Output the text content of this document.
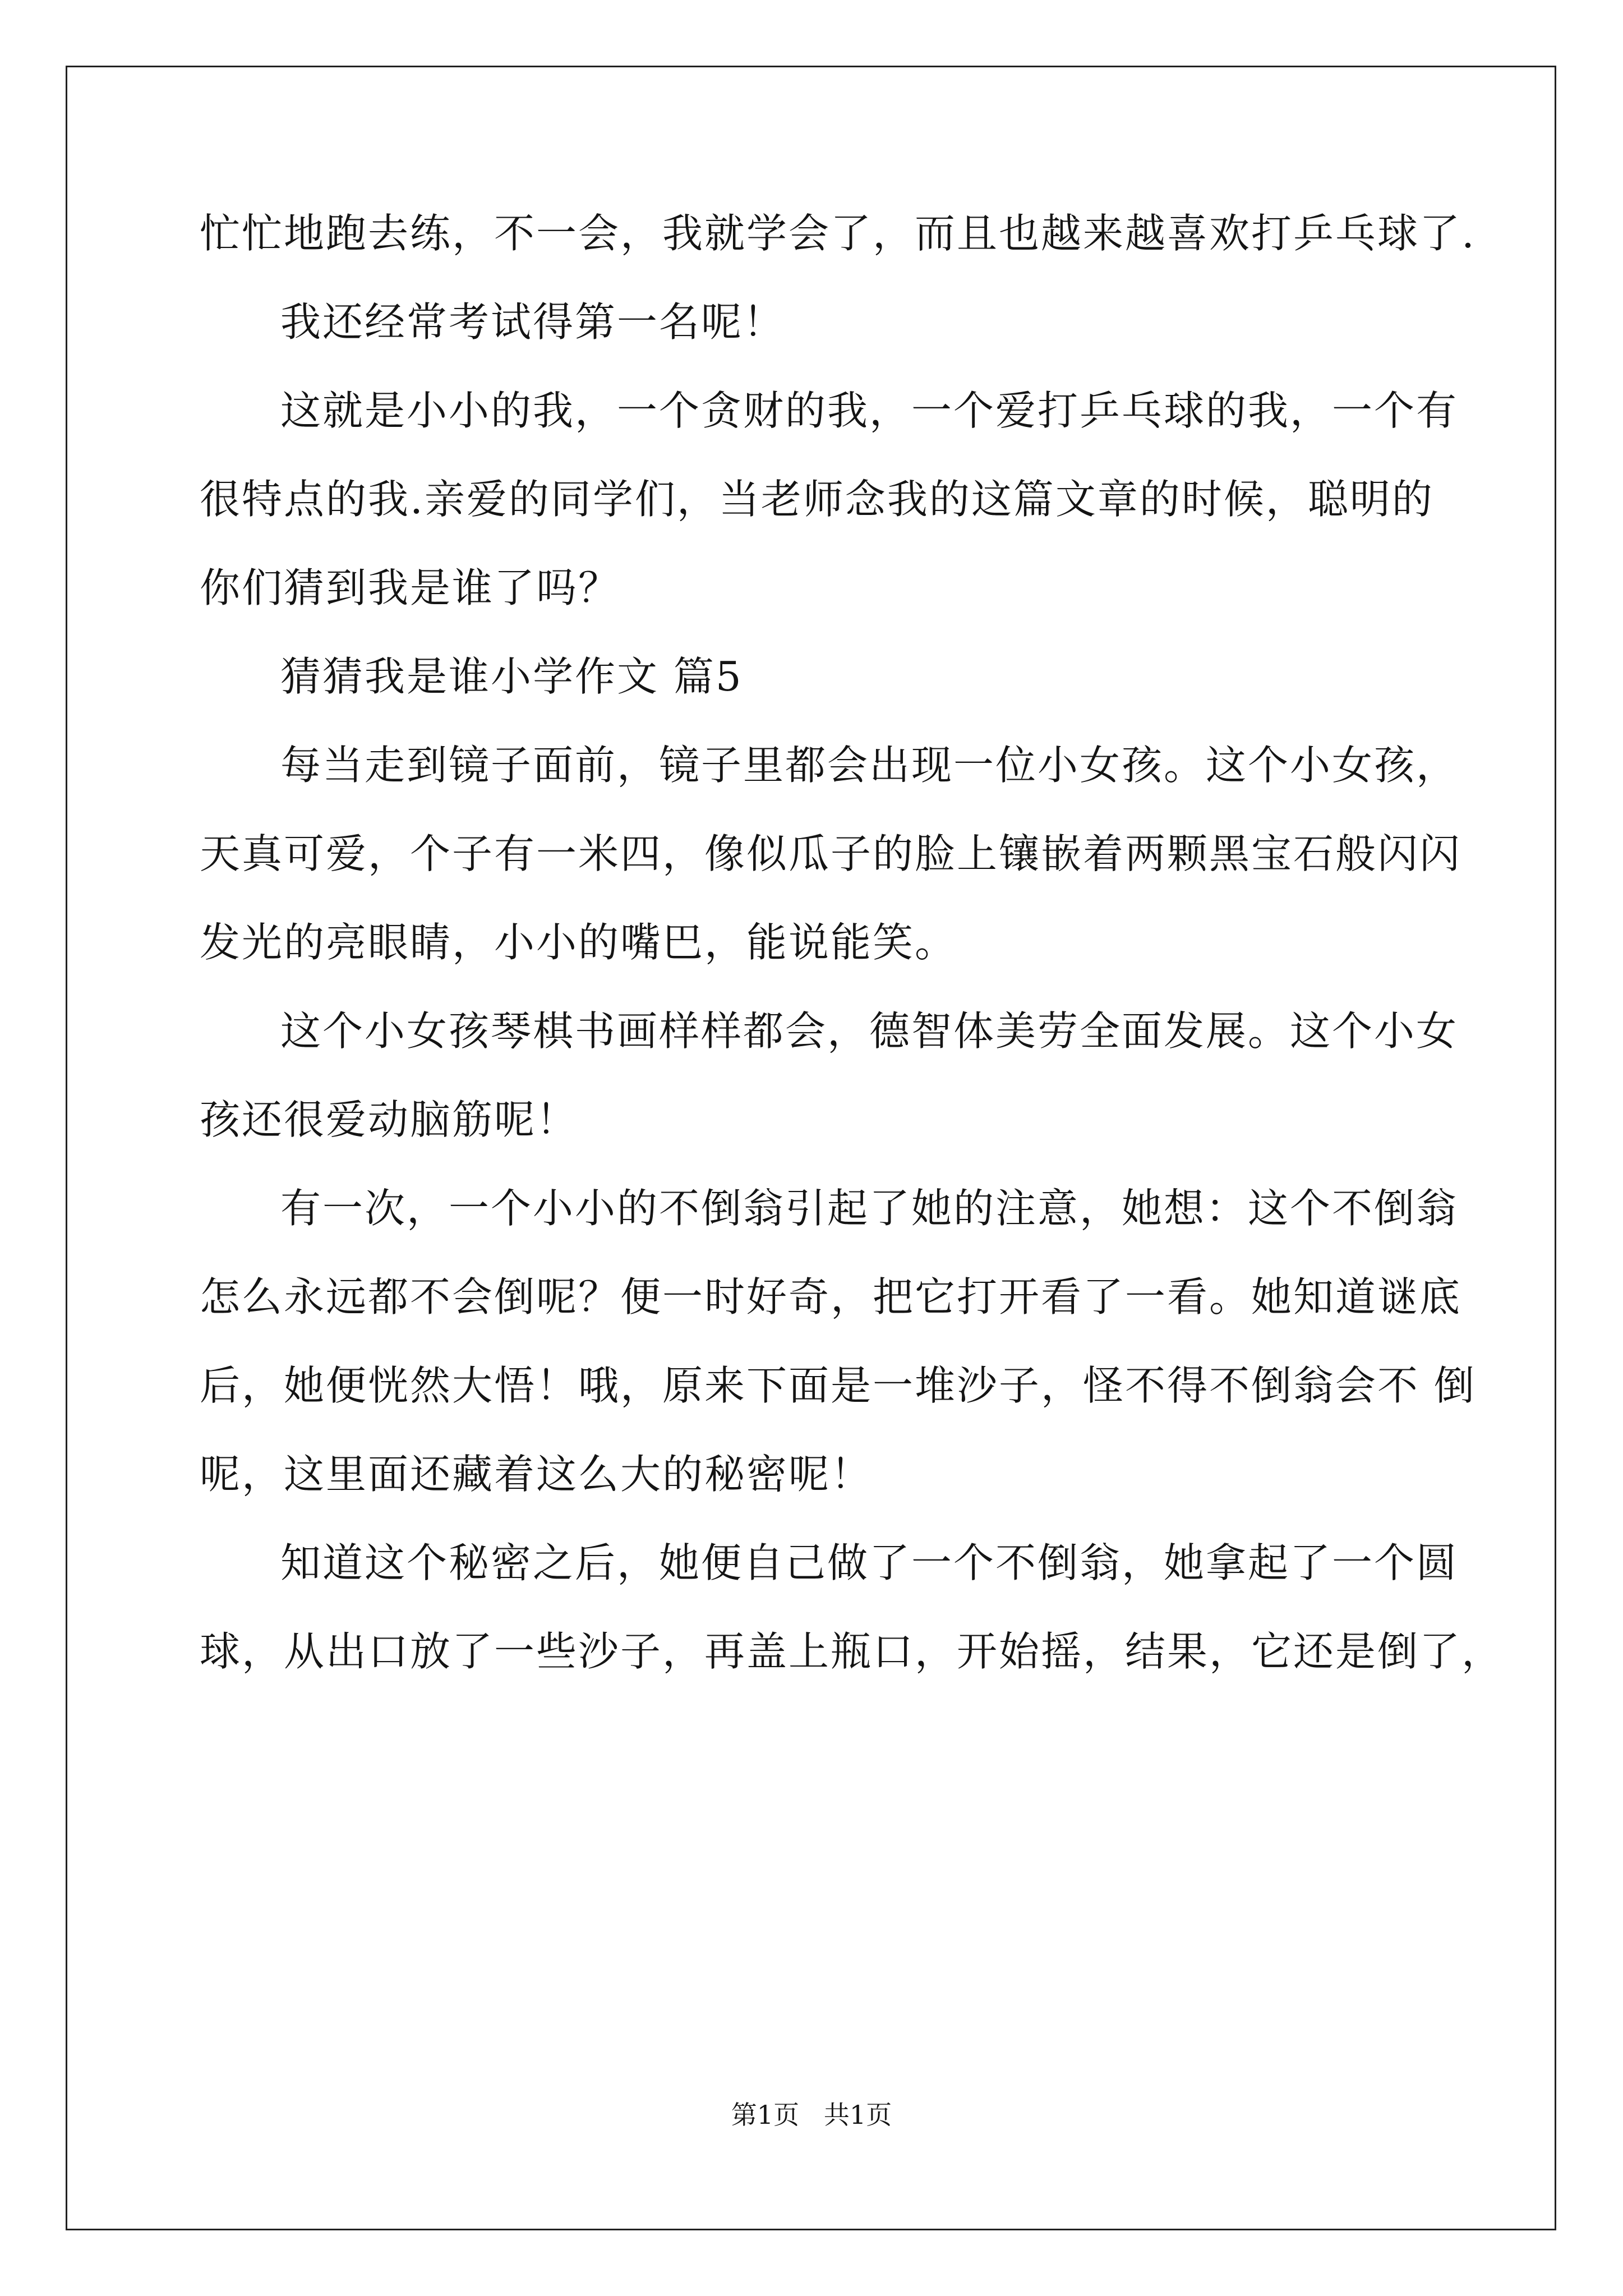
忙忙地跑去练，不一会，我就学会了，而且也越来越喜欢打乒乓球了.
我还经常考试得第一名呢！
这就是小小的我，一个贪财的我，一个爱打乒乓球的我，一个有
很特点的我.亲爱的同学们，当老师念我的这篇文章的时候，聪明的
你们猜到我是谁了吗？
猜猜我是谁小学作文 篇5
每当走到镜子面前，镜子里都会出现一位小女孩。这个小女孩，
天真可爱，个子有一米四，像似瓜子的脸上镶嵌着两颗黑宝石般闪闪
发光的亮眼睛，小小的嘴巴，能说能笑。
这个小女孩琴棋书画样样都会，德智体美劳全面发展。这个小女
孩还很爱动脑筋呢！
有一次，一个小小的不倒翁引起了她的注意，她想：这个不倒翁
怎么永远都不会倒呢？便一时好奇，把它打开看了一看。她知道谜底
后，她便恍然大悟！哦，原来下面是一堆沙子，怪不得不倒翁会不 倒
呢，这里面还藏着这么大的秘密呢！
知道这个秘密之后，她便自己做了一个不倒翁，她拿起了一个圆
球，从出口放了一些沙子，再盖上瓶口，开始摇，结果，它还是倒了，
第1页   共1页
